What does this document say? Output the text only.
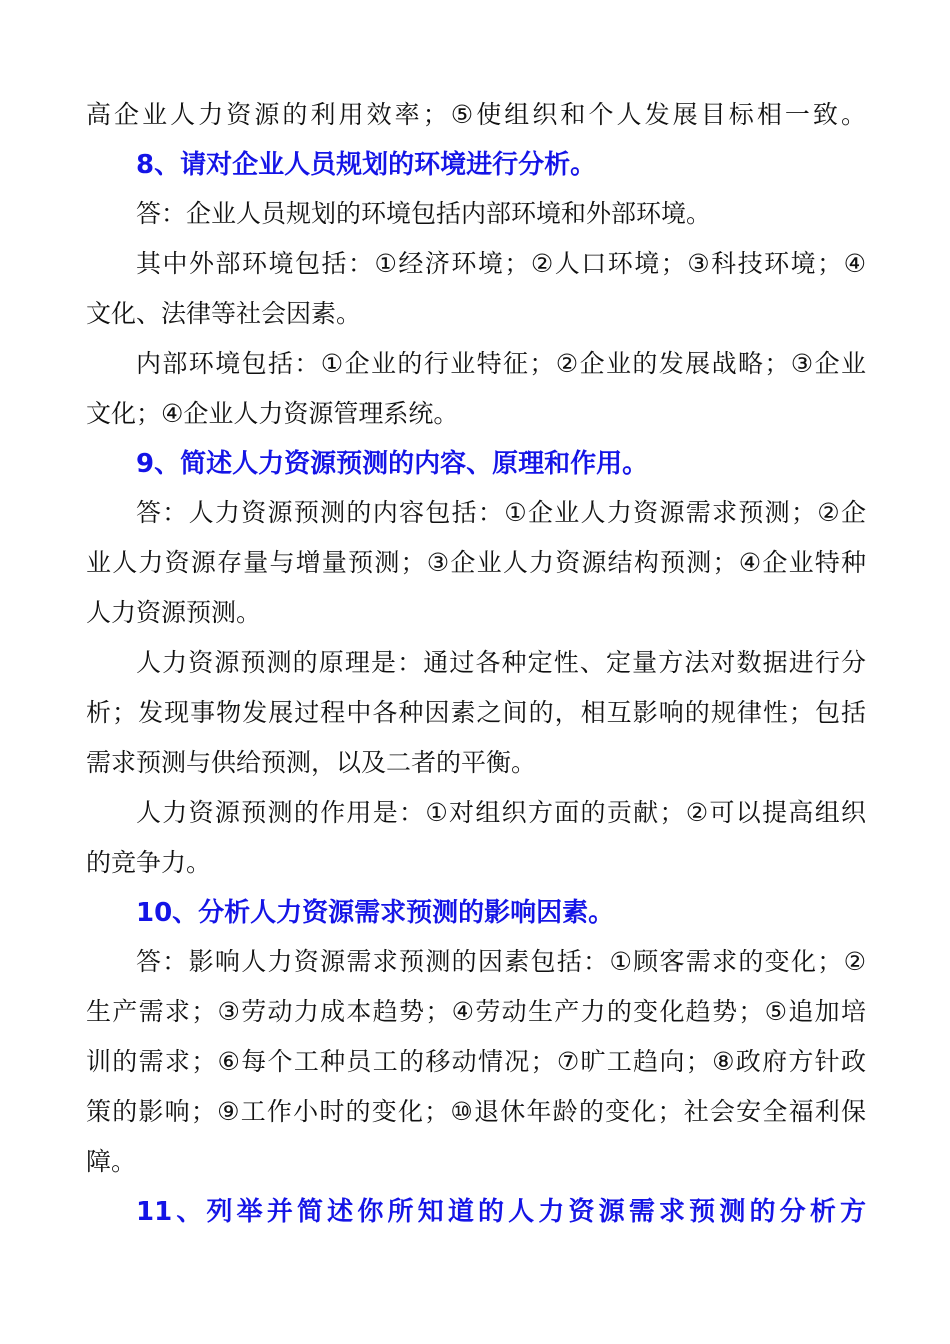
高企业人力资源的利用效率；⑤使组织和个人发展目标相一致。
8、请对企业人员规划的环境进行分析。
答：企业人员规划的环境包括内部环境和外部环境。
其中外部环境包括：①经济环境；②人口环境；③科技环境；④
文化、法律等社会因素。
内部环境包括：①企业的行业特征；②企业的发展战略；③企业
文化；④企业人力资源管理系统。
9、简述人力资源预测的内容、原理和作用。
答：人力资源预测的内容包括：①企业人力资源需求预测；②企
业人力资源存量与增量预测；③企业人力资源结构预测；④企业特种
人力资源预测。
人力资源预测的原理是：通过各种定性、定量方法对数据进行分
析；发现事物发展过程中各种因素之间的，相互影响的规律性；包括
需求预测与供给预测，以及二者的平衡。
人力资源预测的作用是：①对组织方面的贡献；②可以提高组织
的竞争力。
10、分析人力资源需求预测的影响因素。
答：影响人力资源需求预测的因素包括：①顾客需求的变化；②
生产需求；③劳动力成本趋势；④劳动生产力的变化趋势；⑤追加培
训的需求；⑥每个工种员工的移动情况；⑦旷工趋向；⑧政府方针政
策的影响；⑨工作小时的变化；⑩退休年龄的变化；社会安全福利保
障。
11、列举并简述你所知道的人力资源需求预测的分析方
